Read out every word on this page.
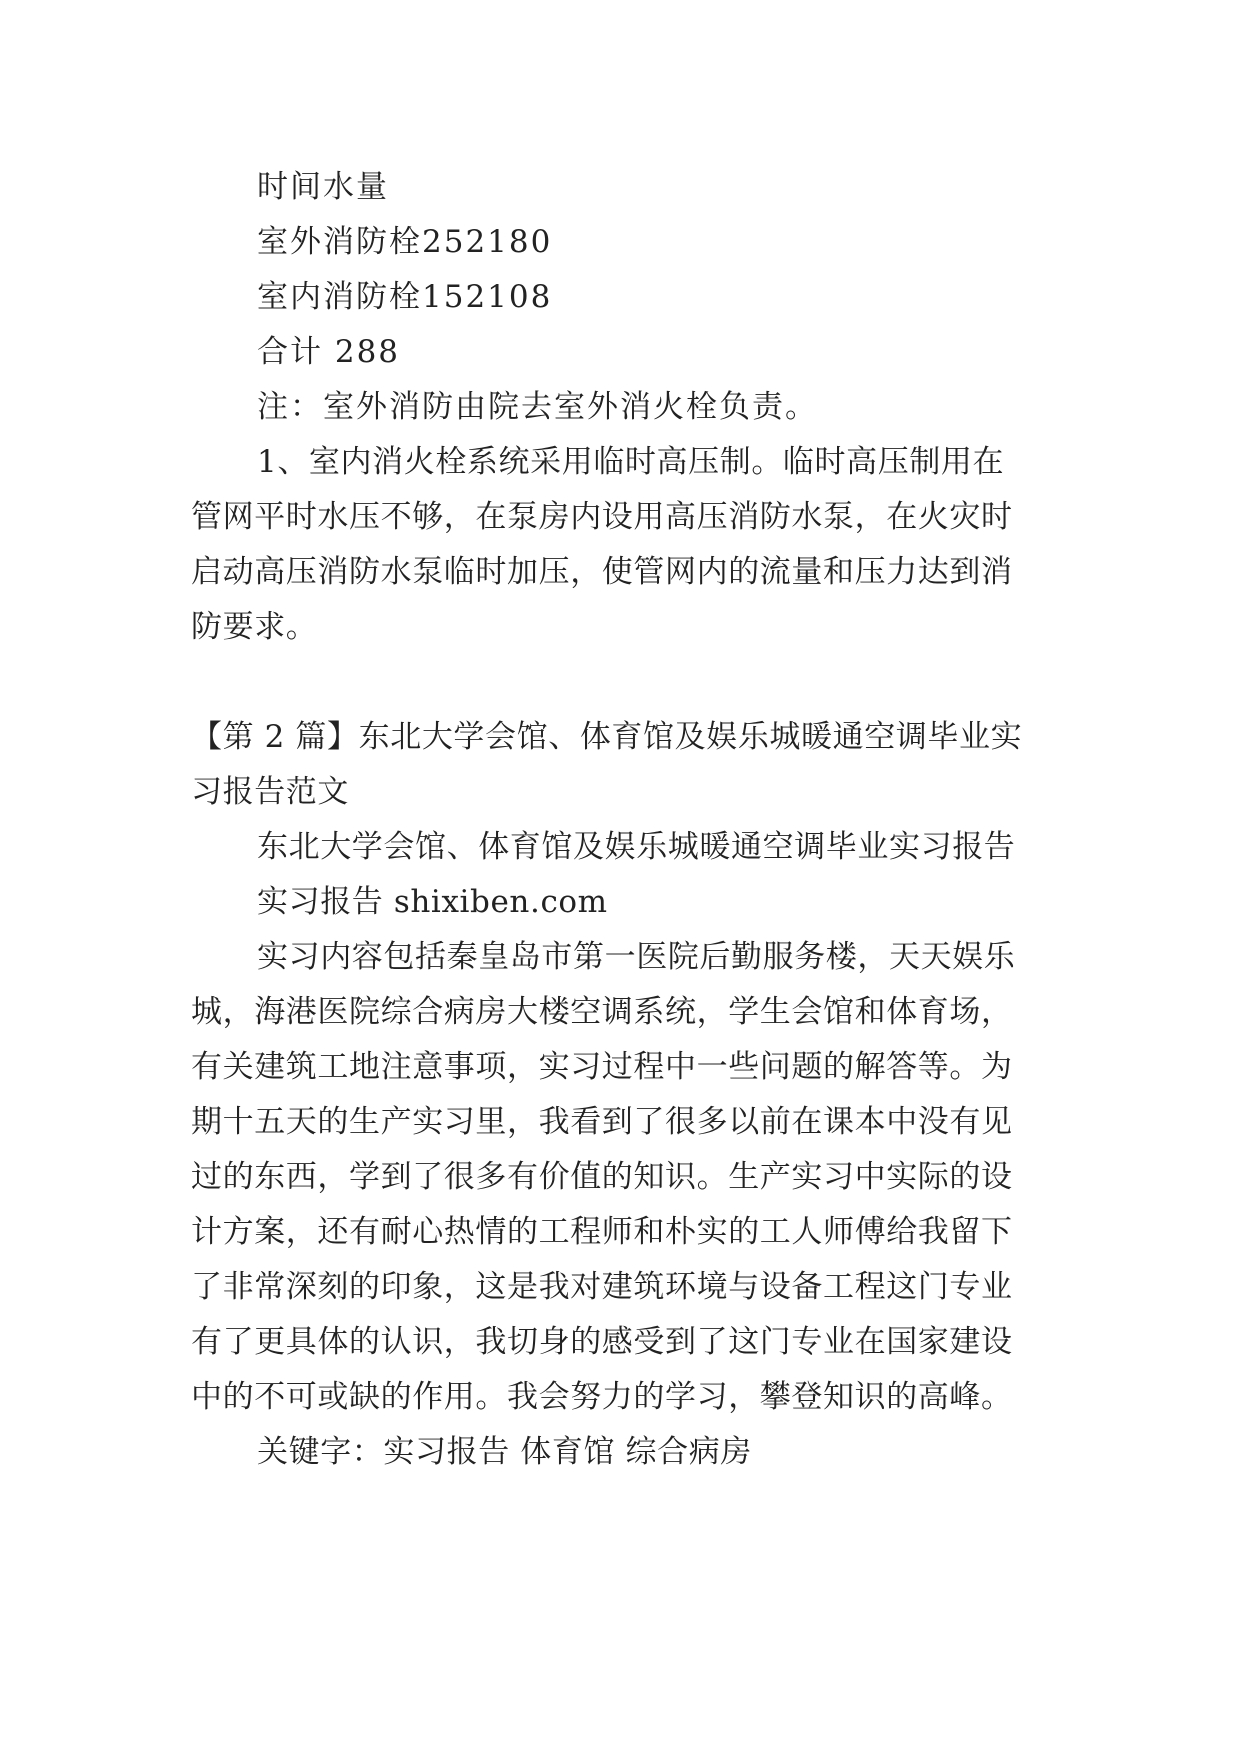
时间水量
室外消防栓252180
室内消防栓152108
合计 288
注：室外消防由院去室外消火栓负责。
1、室内消火栓系统采用临时高压制。临时高压制用在
管网平时水压不够，在泵房内设用高压消防水泵，在火灾时
启动高压消防水泵临时加压，使管网内的流量和压力达到消
防要求。
【第 2 篇】东北大学会馆、体育馆及娱乐城暖通空调毕业实
习报告范文
东北大学会馆、体育馆及娱乐城暖通空调毕业实习报告
实习报告 shixiben.com
实习内容包括秦皇岛市第一医院后勤服务楼，天天娱乐
城，海港医院综合病房大楼空调系统，学生会馆和体育场，
有关建筑工地注意事项，实习过程中一些问题的解答等。为
期十五天的生产实习里，我看到了很多以前在课本中没有见
过的东西，学到了很多有价值的知识。生产实习中实际的设
计方案，还有耐心热情的工程师和朴实的工人师傅给我留下
了非常深刻的印象，这是我对建筑环境与设备工程这门专业
有了更具体的认识，我切身的感受到了这门专业在国家建设
中的不可或缺的作用。我会努力的学习，攀登知识的高峰。
关键字：实习报告 体育馆 综合病房
